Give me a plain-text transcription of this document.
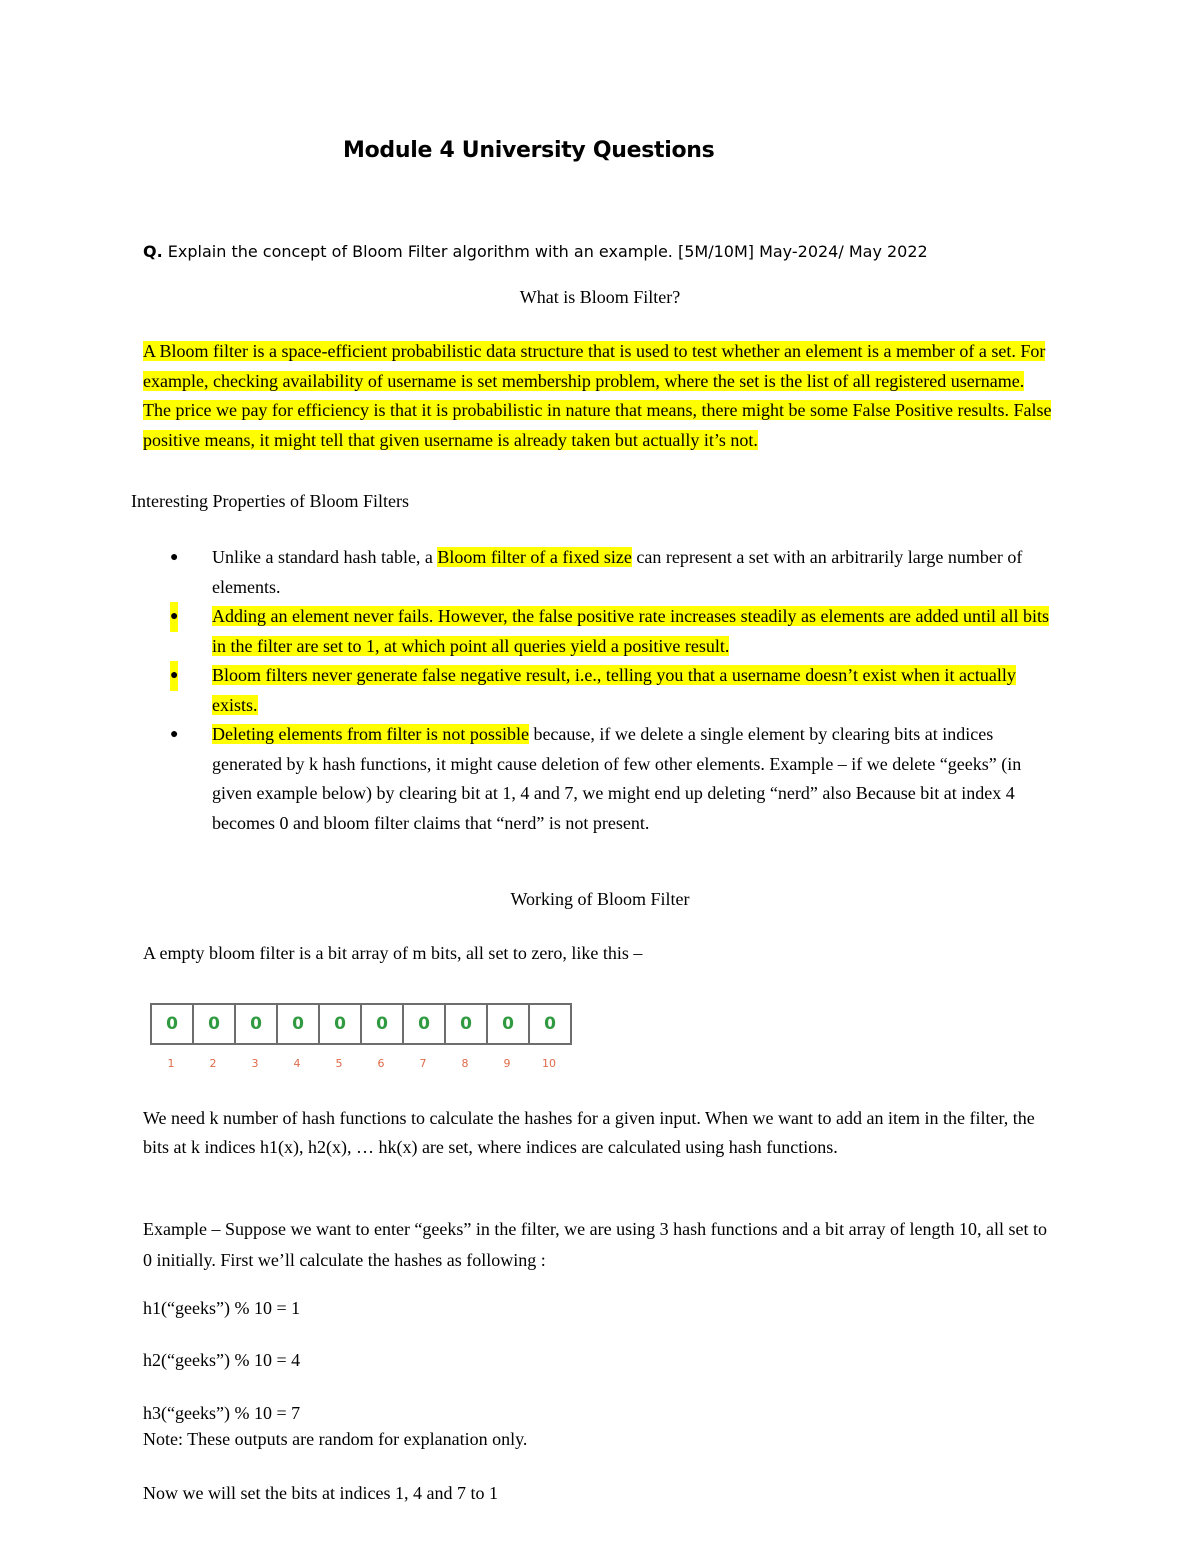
Module 4 University Questions
Q. Explain the concept of Bloom Filter algorithm with an example. [5M/10M] May-2024/ May 2022
What is Bloom Filter?
A Bloom filter is a space-efficient probabilistic data structure that is used to test whether an element is a member of a set. For example, checking availability of username is set membership problem, where the set is the list of all registered username. The price we pay for efficiency is that it is probabilistic in nature that means, there might be some False Positive results. False positive means, it might tell that given username is already taken but actually it’s not.
Interesting Properties of Bloom Filters
● Unlike a standard hash table, a Bloom filter of a fixed size can represent a set with an arbitrarily large number of elements.
● Adding an element never fails. However, the false positive rate increases steadily as elements are added until all bits in the filter are set to 1, at which point all queries yield a positive result.
● Bloom filters never generate false negative result, i.e., telling you that a username doesn’t exist when it actually exists.
● Deleting elements from filter is not possible because, if we delete a single element by clearing bits at indices generated by k hash functions, it might cause deletion of few other elements. Example – if we delete “geeks” (in given example below) by clearing bit at 1, 4 and 7, we might end up deleting “nerd” also Because bit at index 4 becomes 0 and bloom filter claims that “nerd” is not present.
Working of Bloom Filter
A empty bloom filter is a bit array of m bits, all set to zero, like this –
0	0	0	0	0	0	0	0	0	0
1	2	3	4	5	6	7	8	9	10
We need k number of hash functions to calculate the hashes for a given input. When we want to add an item in the filter, the bits at k indices h1(x), h2(x), … hk(x) are set, where indices are calculated using hash functions.
Example – Suppose we want to enter “geeks” in the filter, we are using 3 hash functions and a bit array of length 10, all set to 0 initially. First we’ll calculate the hashes as following :
h1(“geeks”) % 10 = 1
h2(“geeks”) % 10 = 4
h3(“geeks”) % 10 = 7
Note: These outputs are random for explanation only.
Now we will set the bits at indices 1, 4 and 7 to 1
